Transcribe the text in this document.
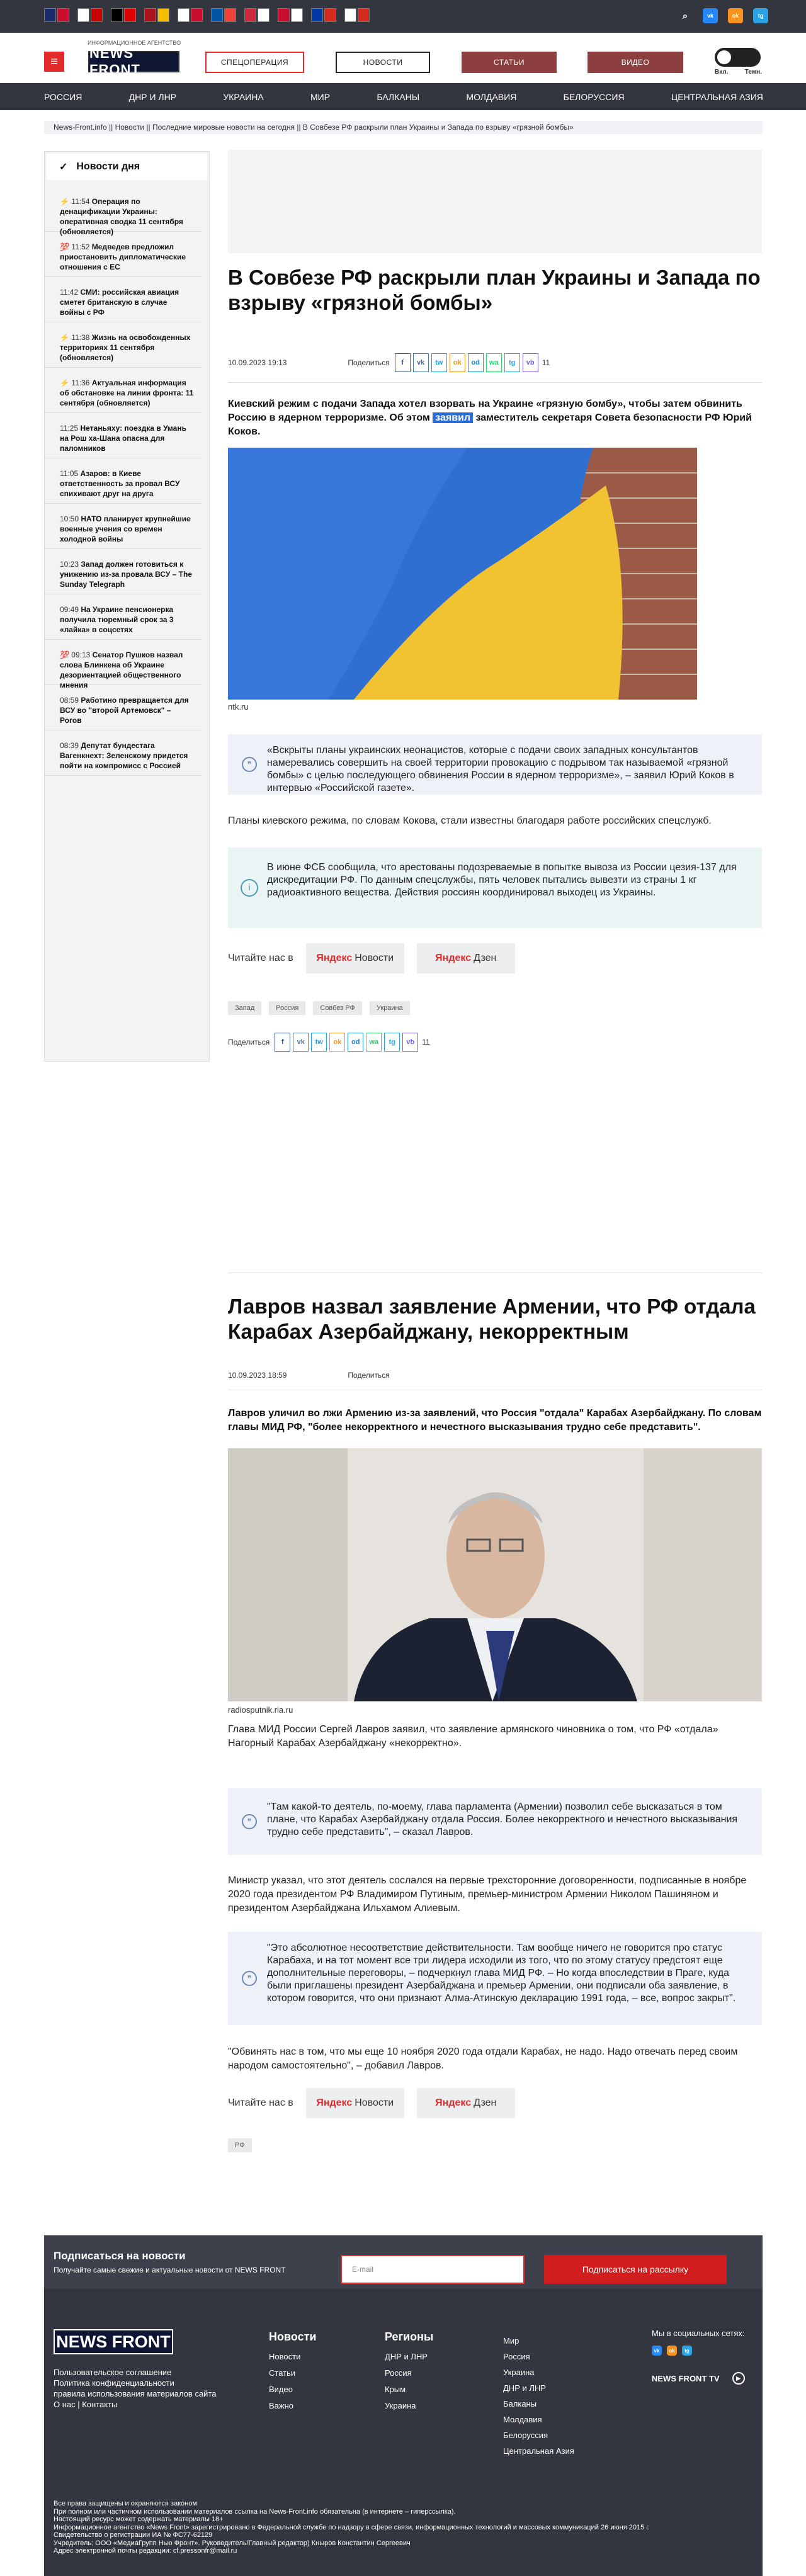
⌕	vk	ok	tg
≡
ИНФОРМАЦИОННОЕ АГЕНТСТВО
NEWS FRONT	СПЕЦОПЕРАЦИЯ	НОВОСТИ	СТАТЬИ	ВИДЕО
Вкл.	Темн.
РОССИЯ	ДНР И ЛНР	УКРАИНА	МИР	БАЛКАНЫ	МОЛДАВИЯ	БЕЛОРУССИЯ	ЦЕНТРАЛЬНАЯ АЗИЯ
News-Front.info || Новости || Последние мировые новости на сегодня || В Совбезе РФ раскрыли план Украины и Запада по взрыву «грязной бомбы»
✓ Новости дня
⚡ 11:54 Операция по денацификации Украины: оперативная сводка 11 сентября (обновляется)
💯 11:52 Медведев предложил приостановить дипломатические отношения с ЕС
11:42 СМИ: российская авиация сметет британскую в случае войны с РФ
⚡ 11:38 Жизнь на освобожденных территориях 11 сентября (обновляется)
⚡ 11:36 Актуальная информация об обстановке на линии фронта: 11 сентября (обновляется)
11:25 Нетаньяху: поездка в Умань на Рош ха-Шана опасна для паломников
11:05 Азаров: в Киеве ответственность за провал ВСУ спихивают друг на друга
10:50 НАТО планирует крупнейшие военные учения со времен холодной войны
10:23 Запад должен готовиться к унижению из-за провала ВСУ – The Sunday Telegraph
09:49 На Украине пенсионерка получила тюремный срок за 3 «лайка» в соцсетях
💯 09:13 Сенатор Пушков назвал слова Блинкена об Украине дезориентацией общественного мнения
08:59 Работино превращается для ВСУ во "второй Артемовск" – Рогов
08:39 Депутат бундестага Вагенкнехт: Зеленскому придется пойти на компромисс с Россией
В Совбезе РФ раскрыли план Украины и Запада по взрыву «грязной бомбы»
10.09.2023 19:13	Поделиться	f	vk	tw	ok	od	wa	tg	vb	11

Киевский режим с подачи Запада хотел взорвать на Украине «грязную бомбу», чтобы затем обвинить Россию в ядерном терроризме. Об этом заявил заместитель секретаря Совета безопасности РФ Юрий Коков.

ntk.ru
❞
«Вскрыты планы украинских неонацистов, которые с подачи своих западных консультантов намеревались совершить на своей территории провокацию с подрывом так называемой «грязной бомбы» с целью последующего обвинения России в ядерном терроризме», – заявил Юрий Коков в интервью «Российской газете».

Планы киевского режима, по словам Кокова, стали известны благодаря работе российских спецслужб.

i
В июне ФСБ сообщила, что арестованы подозреваемые в попытке вывоза из России цезия-137 для дискредитации РФ. По данным спецслужбы, пять человек пытались вывезти из страны 1 кг радиоактивного вещества. Действия россиян координировал выходец из Украины.
Читайте нас в Яндекс Новости	Яндекс Дзен
Запад	Россия	Совбез РФ	Украина
Поделиться	f	vk	tw	ok	od	wa	tg	vb	11
Лавров назвал заявление Армении, что РФ отдала Карабах Азербайджану, некорректным
10.09.2023 18:59	Поделиться

Лавров уличил во лжи Армению из-за заявлений, что Россия "отдала" Карабах Азербайджану. По словам главы МИД РФ, "более некорректного и нечестного высказывания трудно себе представить".

radiosputnik.ria.ru

Глава МИД России Сергей Лавров заявил, что заявление армянского чиновника о том, что РФ «отдала» Нагорный Карабах Азербайджану «некорректно».

❞
"Там какой-то деятель, по-моему, глава парламента (Армении) позволил себе высказаться в том плане, что Карабах Азербайджану отдала Россия. Более некорректного и нечестного высказывания трудно себе представить", – сказал Лавров.

Министр указал, что этот деятель сослался на первые трехсторонние договоренности, подписанные в ноябре 2020 года президентом РФ Владимиром Путиным, премьер-министром Армении Николом Пашиняном и президентом Азербайджана Ильхамом Алиевым.

❞
"Это абсолютное несоответствие действительности. Там вообще ничего не говорится про статус Карабаха, и на тот момент все три лидера исходили из того, что по этому статусу предстоят еще дополнительные переговоры, – подчеркнул глава МИД РФ. – Но когда впоследствии в Праге, куда были приглашены президент Азербайджана и премьер Армении, они подписали оба заявление, в котором говорится, что они признают Алма-Атинскую декларацию 1991 года, – все, вопрос закрыт".

"Обвинять нас в том, что мы еще 10 ноября 2020 года отдали Карабах, не надо. Надо отвечать перед своим народом самостоятельно", – добавил Лавров.

Читайте нас в Яндекс Новости	Яндекс Дзен
РФ
Подписаться на новости
Получайте самые свежие и актуальные новости от NEWS FRONT	E-mail	Подписаться на рассылку
NEWS FRONT
Пользовательское соглашение
Политика конфиденциальности
правила использования материалов сайта
О нас | Контакты
Новости
Новости
Статьи
Видео
Важно
Регионы
ДНР и ЛНР
Россия
Крым
Украина
Мир
Россия
Украина
ДНР и ЛНР
Балканы
Молдавия
Белоруссия
Центральная Азия
Мы в социальных сетях:
vk	ok	tg
NEWS FRONT TV	▶
Все права защищены и охраняются законом
При полном или частичном использовании материалов ссылка на News-Front.info обязательна (в интернете – гиперссылка).
Настоящий ресурс может содержать материалы 18+
Информационное агентство «News Front» зарегистрировано в Федеральной службе по надзору в сфере связи, информационных технологий и массовых коммуникаций 26 июня 2015 г.
Свидетельство о регистрации ИА № ФС77-62129
Учредитель: ООО «МедиаГрупп Нью Фронт». Руководитель/Главный редактор) Кныров Константин Сергеевич
Адрес электронной почты редакции: cf.pressonfr@mail.ru
